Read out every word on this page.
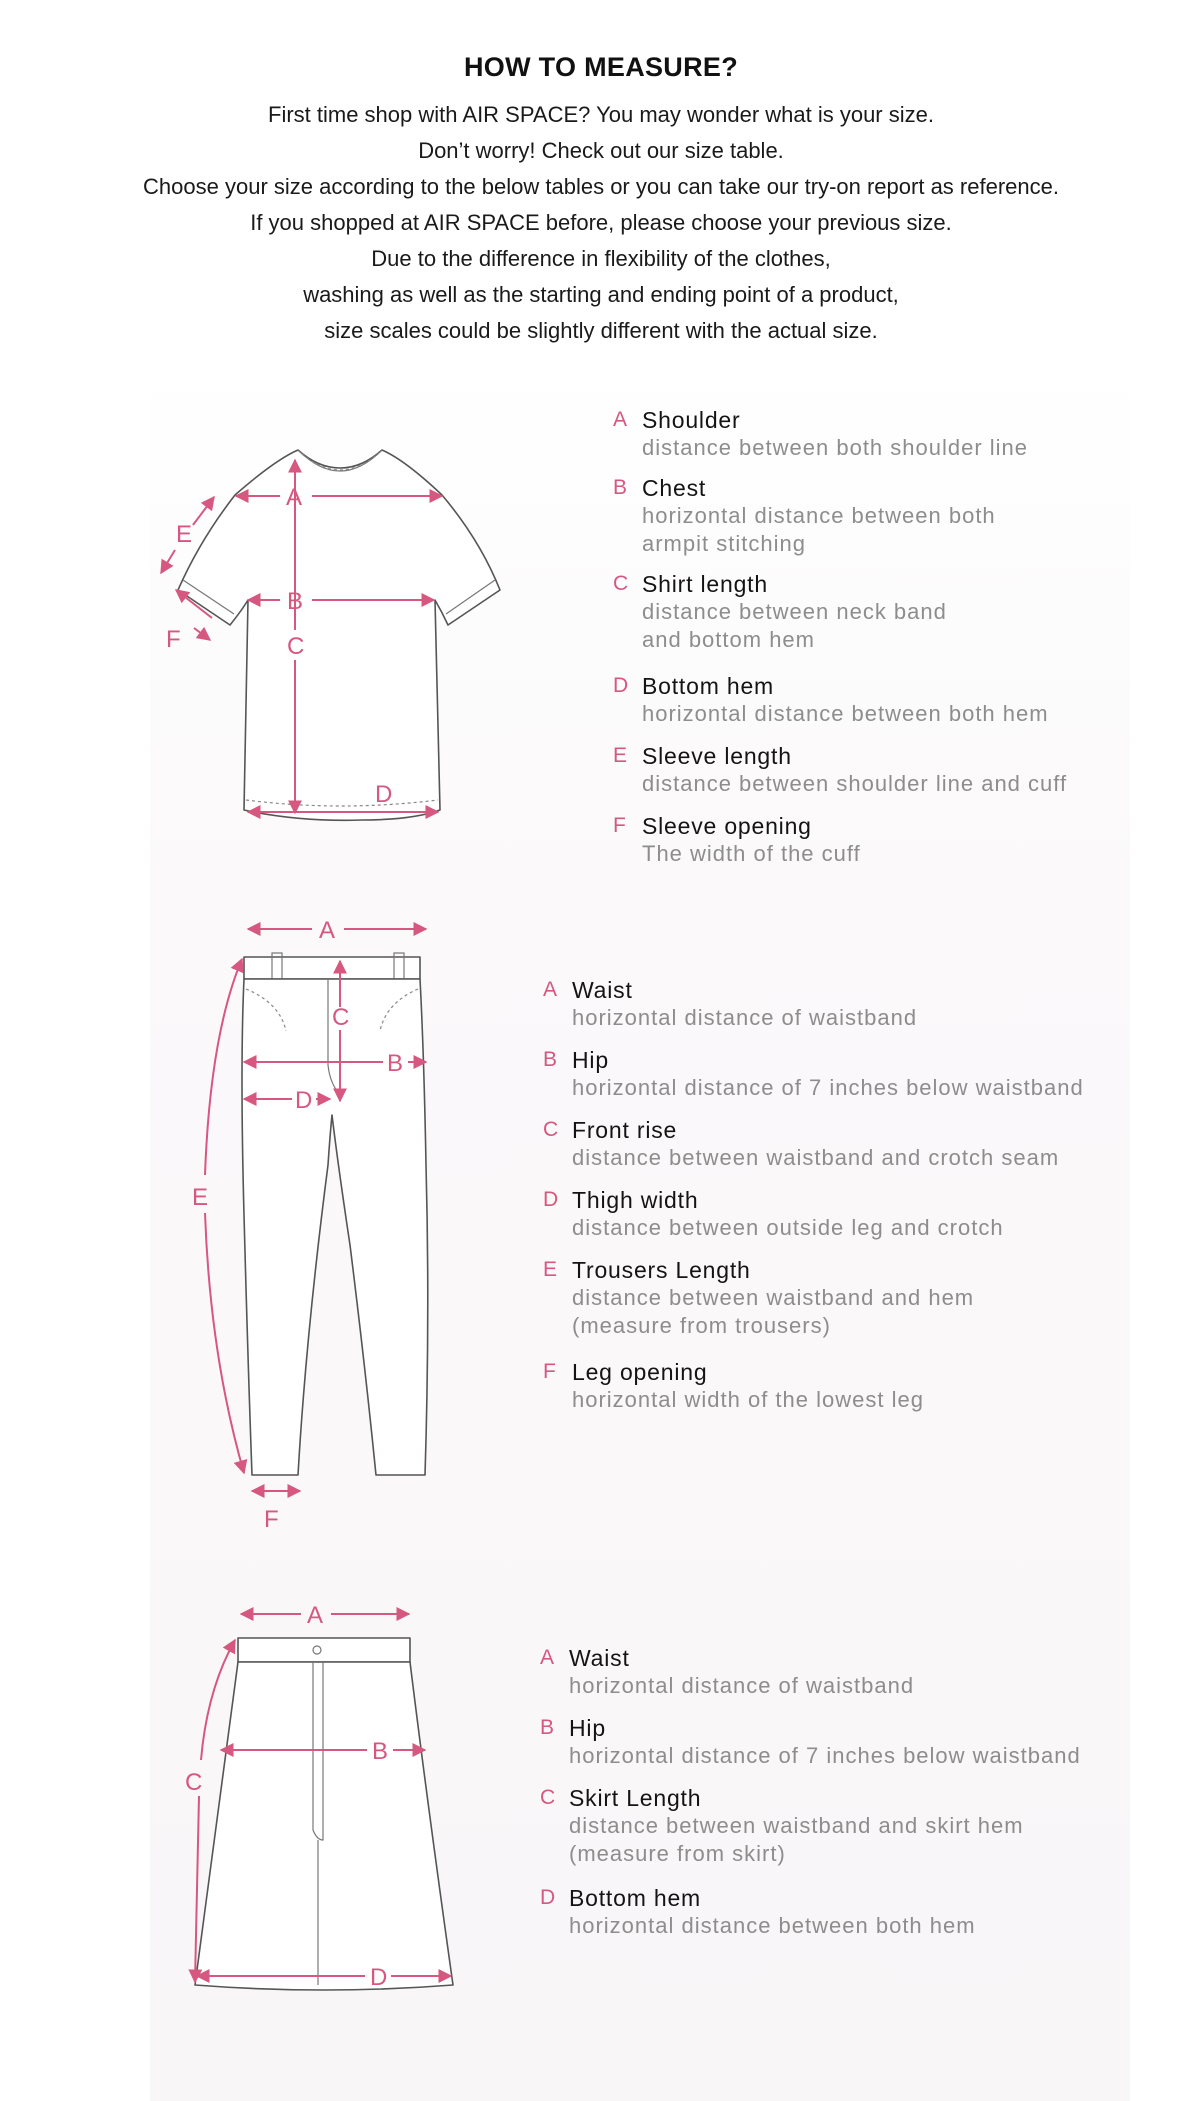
HOW TO MEASURE?
First time shop with AIR SPACE? You may wonder what is your size.
Don’t worry! Check out our size table.
Choose your size according to the below tables or you can take our try-on report as reference.
If you shopped at AIR SPACE before, please choose your previous size.
Due to the difference in flexibility of the clothes,
washing as well as the starting and ending point of a product,
size scales could be slightly different with the actual size.
A
B
C
D
E
F
A Shoulder
distance between both shoulder line
B Chest
horizontal distance between both
armpit stitching
C Shirt length
distance between neck band
and bottom hem
D Bottom hem
horizontal distance between both hem
E Sleeve length
distance between shoulder line and cuff
F Sleeve opening
The width of the cuff
A
B
C
D
E
F
A Waist
horizontal distance of waistband
B Hip
horizontal distance of 7 inches below waistband
C Front rise
distance between waistband and crotch seam
D Thigh width
distance between outside leg and crotch
E Trousers Length
distance between waistband and hem
(measure from trousers)
F Leg opening
horizontal width of the lowest leg
A
B
C
D
A Waist
horizontal distance of waistband
B Hip
horizontal distance of 7 inches below waistband
C Skirt Length
distance between waistband and skirt hem
(measure from skirt)
D Bottom hem
horizontal distance between both hem
